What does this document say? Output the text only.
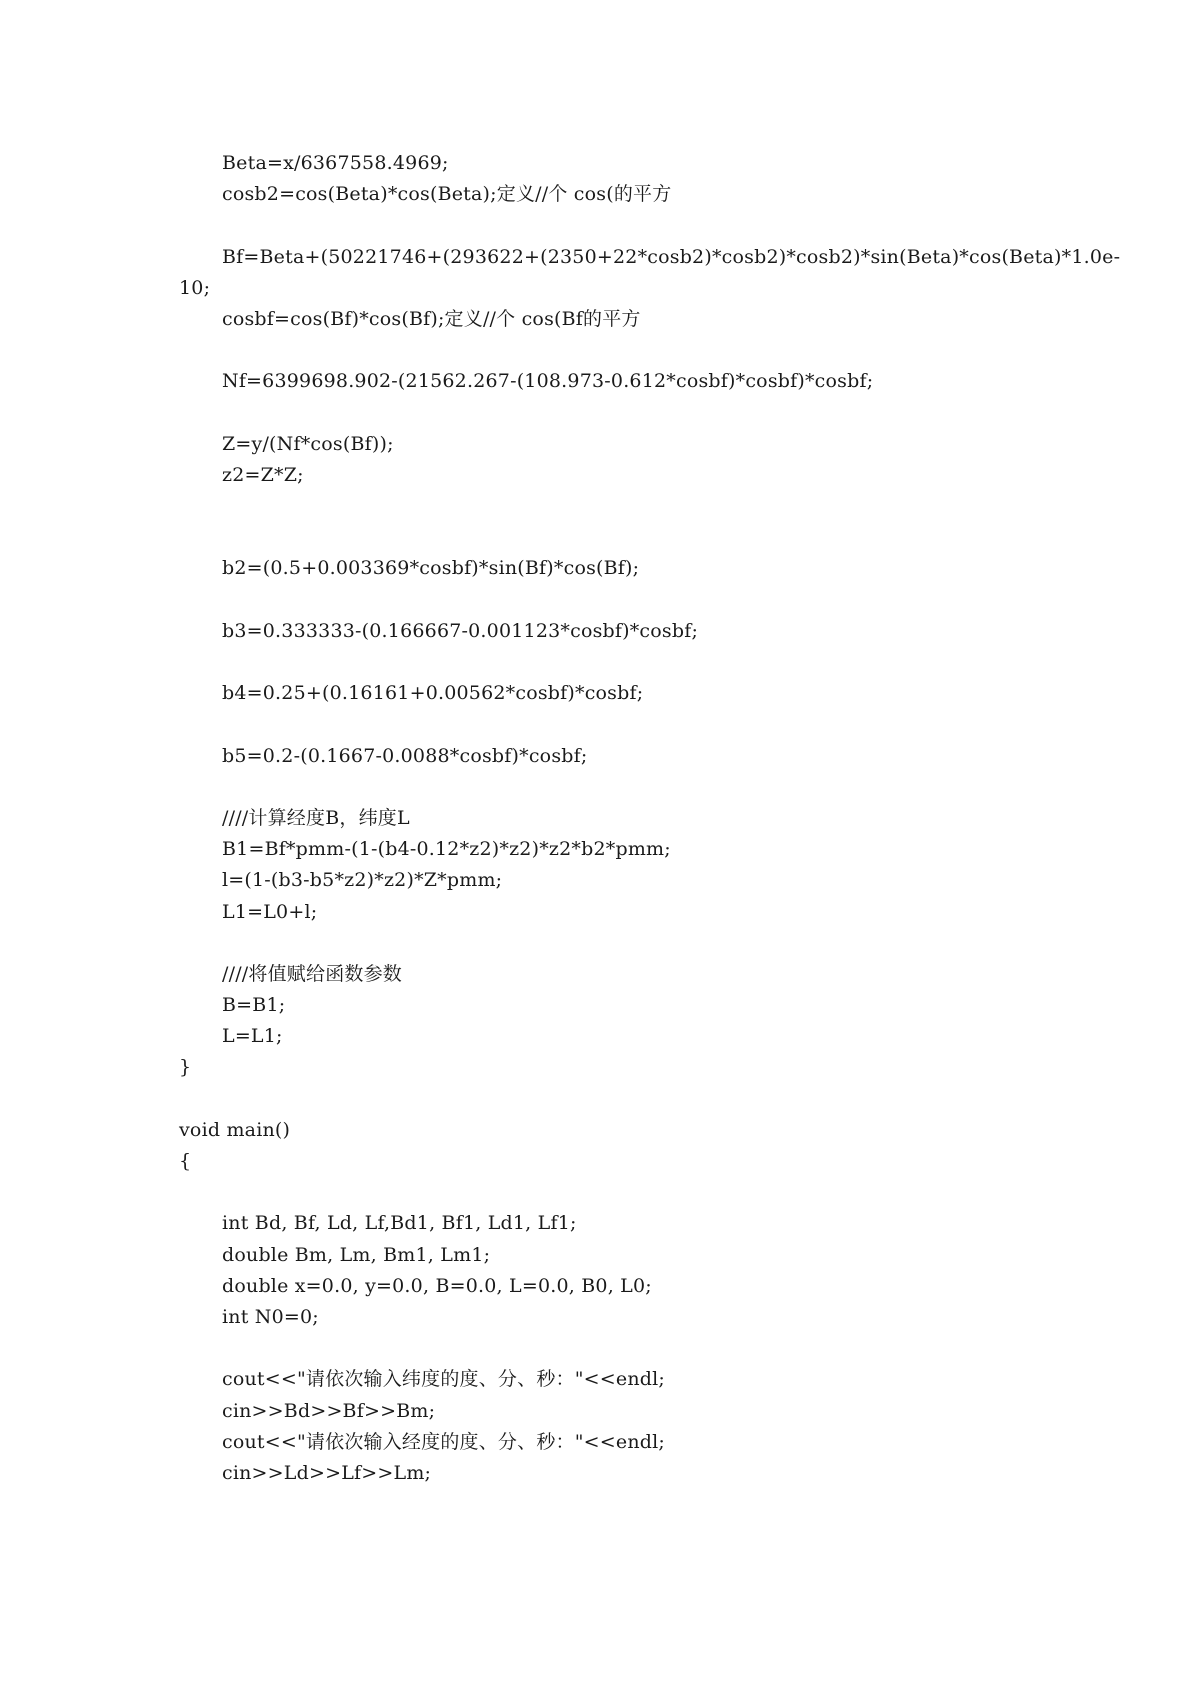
Beta=x/6367558.4969;
cosb2=cos(Beta)*cos(Beta);定义//个 cos(的平方
Bf=Beta+(50221746+(293622+(2350+22*cosb2)*cosb2)*cosb2)*sin(Beta)*cos(Beta)*1.0e-
10;
cosbf=cos(Bf)*cos(Bf);定义//个 cos(Bf的平方
Nf=6399698.902-(21562.267-(108.973-0.612*cosbf)*cosbf)*cosbf;
Z=y/(Nf*cos(Bf));
z2=Z*Z;
b2=(0.5+0.003369*cosbf)*sin(Bf)*cos(Bf);
b3=0.333333-(0.166667-0.001123*cosbf)*cosbf;
b4=0.25+(0.16161+0.00562*cosbf)*cosbf;
b5=0.2-(0.1667-0.0088*cosbf)*cosbf;
////计算经度B，纬度L
B1=Bf*pmm-(1-(b4-0.12*z2)*z2)*z2*b2*pmm;
l=(1-(b3-b5*z2)*z2)*Z*pmm;
L1=L0+l;
////将值赋给函数参数
B=B1;
L=L1;
}
void main()
{
int Bd, Bf, Ld, Lf,Bd1, Bf1, Ld1, Lf1;
double Bm, Lm, Bm1, Lm1;
double x=0.0, y=0.0, B=0.0, L=0.0, B0, L0;
int N0=0;
cout<<"请依次输入纬度的度、分、秒："<<endl;
cin>>Bd>>Bf>>Bm;
cout<<"请依次输入经度的度、分、秒："<<endl;
cin>>Ld>>Lf>>Lm;
